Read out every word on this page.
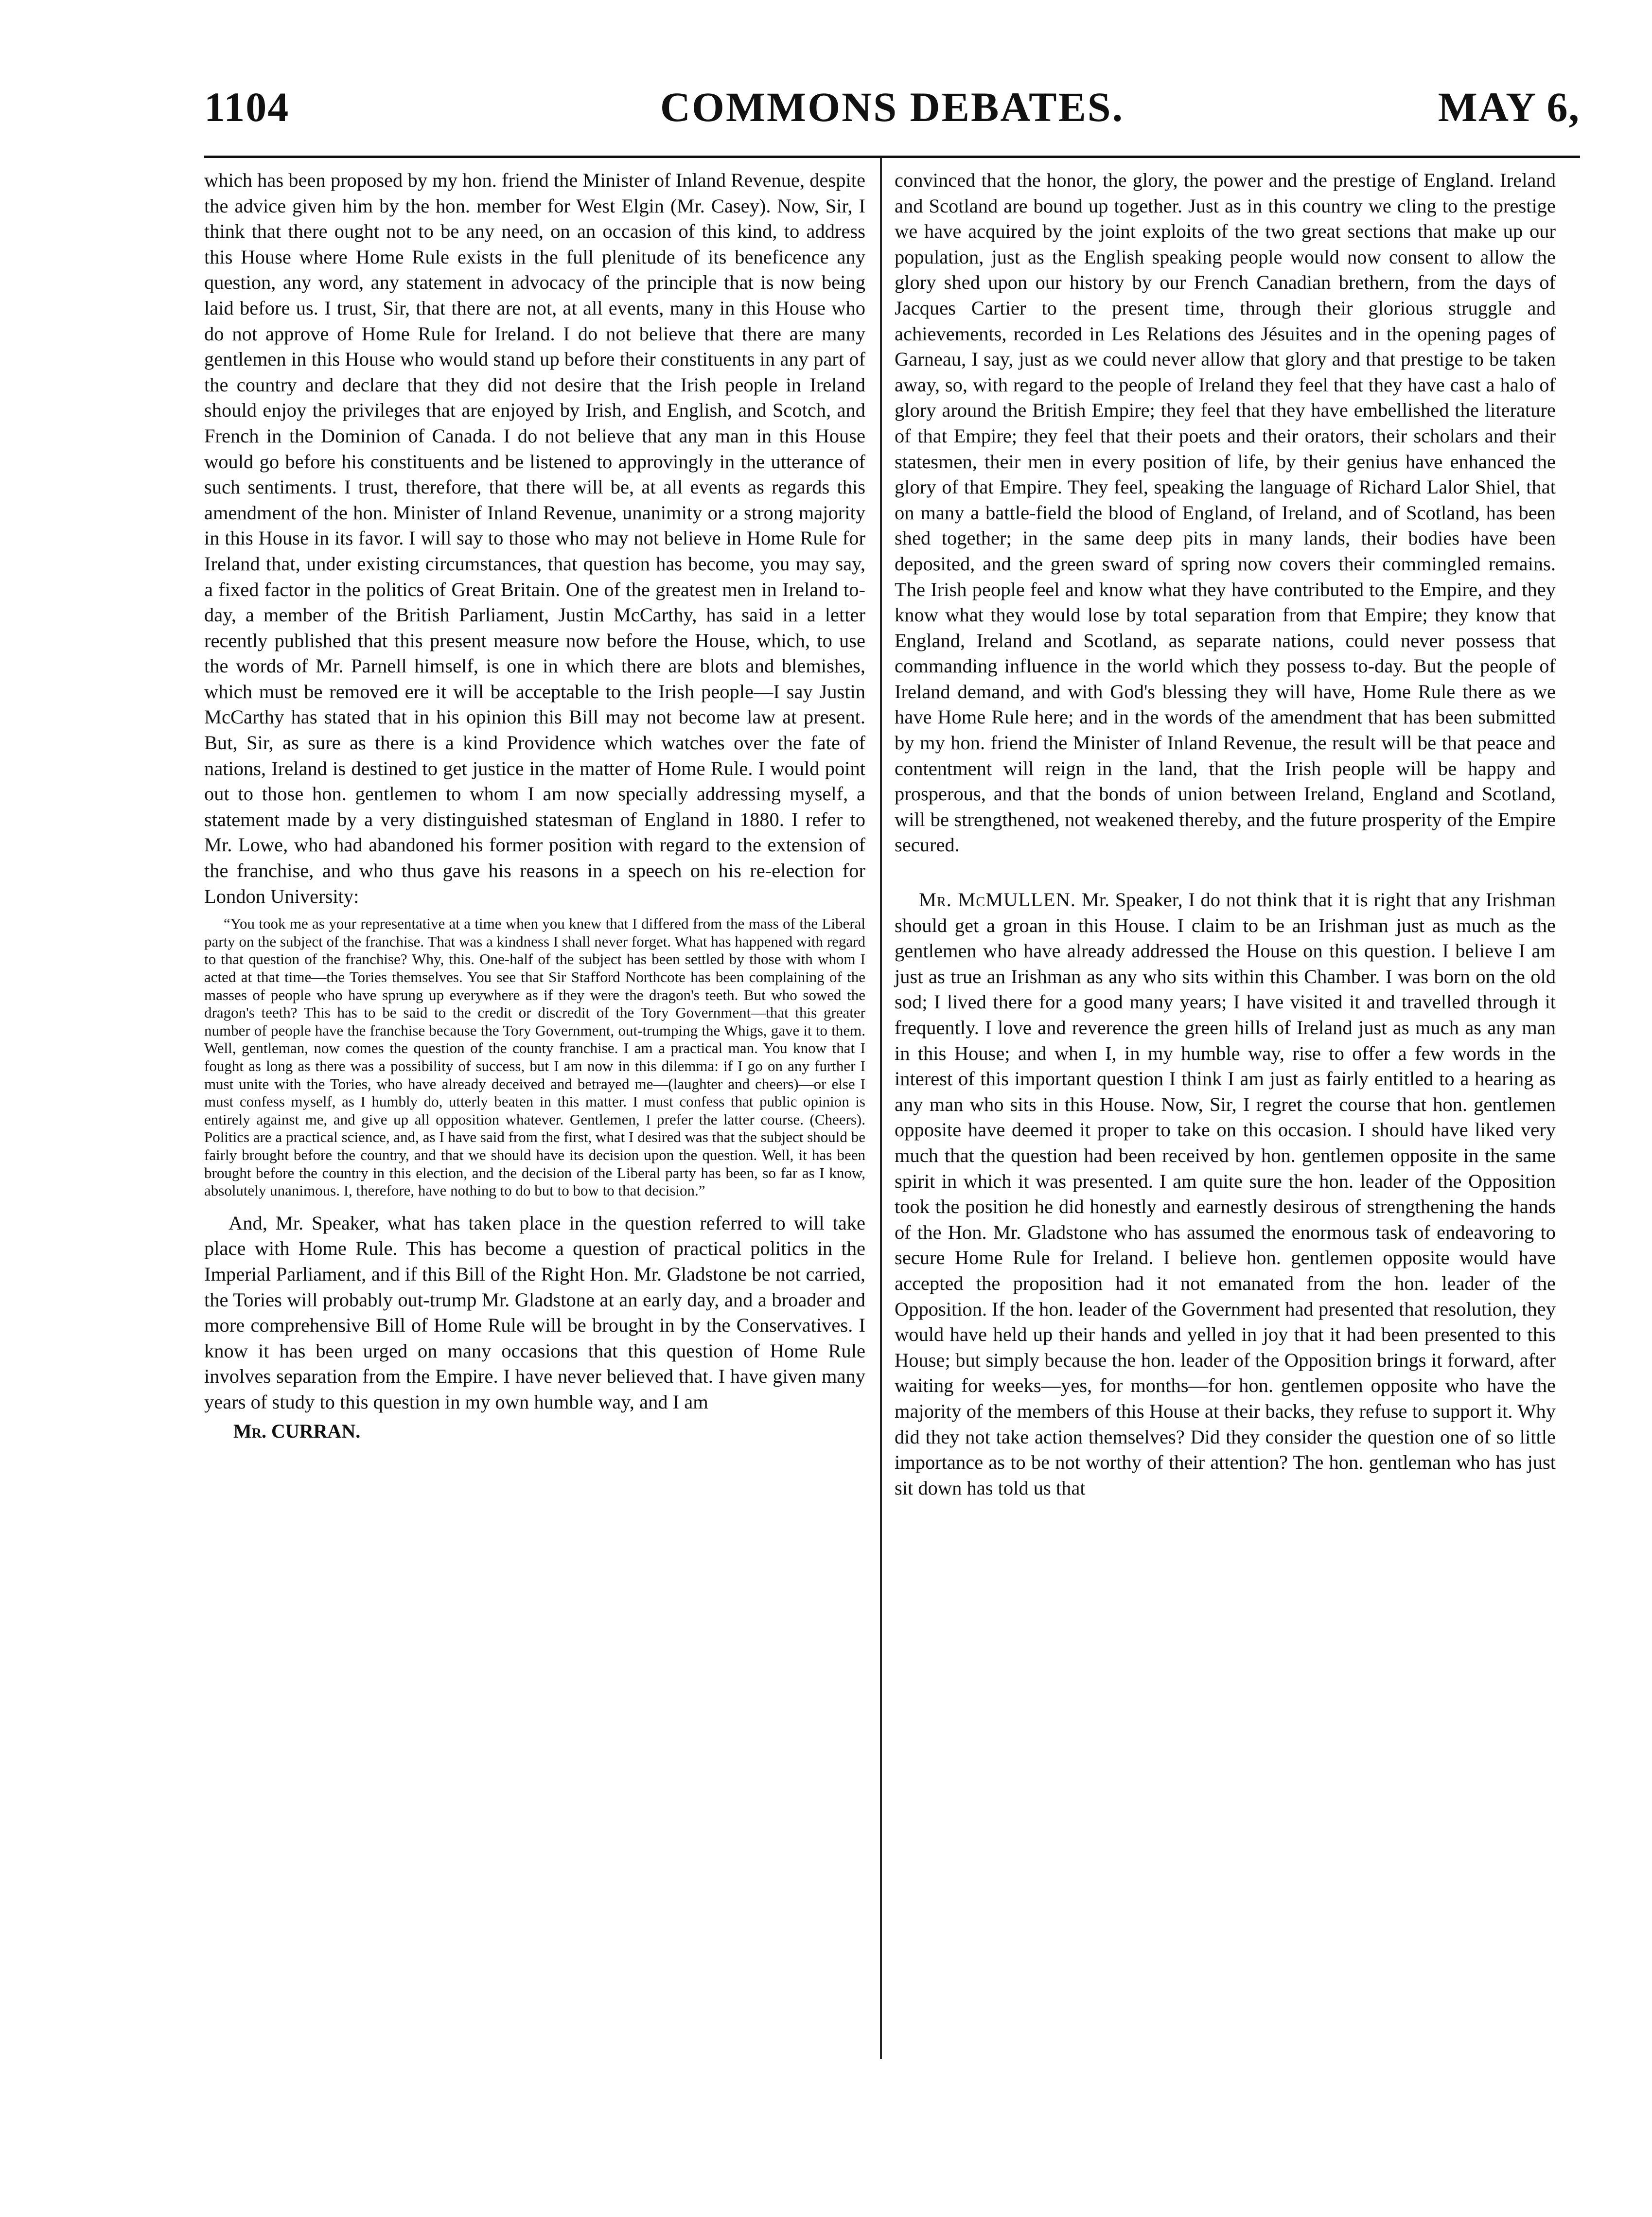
1104	COMMONS DEBATES.	MAY 6,

which has been proposed by my hon. friend the Minister of Inland Revenue, despite the advice given him by the hon. member for West Elgin (Mr. Casey). Now, Sir, I think that there ought not to be any need, on an occasion of this kind, to address this House where Home Rule exists in the full plenitude of its beneficence any question, any word, any statement in advocacy of the principle that is now being laid before us. I trust, Sir, that there are not, at all events, many in this House who do not approve of Home Rule for Ireland. I do not believe that there are many gentlemen in this House who would stand up before their constituents in any part of the country and declare that they did not desire that the Irish people in Ireland should enjoy the privileges that are enjoyed by Irish, and English, and Scotch, and French in the Dominion of Canada. I do not believe that any man in this House would go before his constituents and be listened to approvingly in the utterance of such sentiments. I trust, therefore, that there will be, at all events as regards this amendment of the hon. Minister of Inland Revenue, unanimity or a strong majority in this House in its favor. I will say to those who may not believe in Home Rule for Ireland that, under existing circumstances, that question has become, you may say, a fixed factor in the politics of Great Britain. One of the greatest men in Ireland to-day, a member of the British Parliament, Justin McCarthy, has said in a letter recently published that this present measure now before the House, which, to use the words of Mr. Parnell himself, is one in which there are blots and blemishes, which must be removed ere it will be acceptable to the Irish people—I say Justin McCarthy has stated that in his opinion this Bill may not become law at present. But, Sir, as sure as there is a kind Providence which watches over the fate of nations, Ireland is destined to get justice in the matter of Home Rule. I would point out to those hon. gentlemen to whom I am now specially addressing myself, a statement made by a very distinguished statesman of England in 1880. I refer to Mr. Lowe, who had abandoned his former position with regard to the extension of the franchise, and who thus gave his reasons in a speech on his re-election for London University:

“You took me as your representative at a time when you knew that I differed from the mass of the Liberal party on the subject of the franchise. That was a kindness I shall never forget. What has happened with regard to that question of the franchise? Why, this. One-half of the subject has been settled by those with whom I acted at that time—the Tories themselves. You see that Sir Stafford Northcote has been complaining of the masses of people who have sprung up everywhere as if they were the dragon's teeth. But who sowed the dragon's teeth? This has to be said to the credit or discredit of the Tory Government—that this greater number of people have the franchise because the Tory Government, out-trumping the Whigs, gave it to them. Well, gentleman, now comes the question of the county franchise. I am a practical man. You know that I fought as long as there was a possibility of success, but I am now in this dilemma: if I go on any further I must unite with the Tories, who have already deceived and betrayed me—(laughter and cheers)—or else I must confess myself, as I humbly do, utterly beaten in this matter. I must confess that public opinion is entirely against me, and give up all opposition whatever. Gentlemen, I prefer the latter course. (Cheers). Politics are a practical science, and, as I have said from the first, what I desired was that the subject should be fairly brought before the country, and that we should have its decision upon the question. Well, it has been brought before the country in this election, and the decision of the Liberal party has been, so far as I know, absolutely unanimous. I, therefore, have nothing to do but to bow to that decision.”

And, Mr. Speaker, what has taken place in the question referred to will take place with Home Rule. This has become a question of practical politics in the Imperial Parliament, and if this Bill of the Right Hon. Mr. Gladstone be not carried, the Tories will probably out-trump Mr. Gladstone at an early day, and a broader and more comprehensive Bill of Home Rule will be brought in by the Conservatives. I know it has been urged on many occasions that this question of Home Rule involves separation from the Empire. I have never believed that. I have given many years of study to this question in my own humble way, and I am

Mr. CURRAN.

convinced that the honor, the glory, the power and the prestige of England. Ireland and Scotland are bound up together. Just as in this country we cling to the prestige we have acquired by the joint exploits of the two great sections that make up our population, just as the English speaking people would now consent to allow the glory shed upon our history by our French Canadian brethern, from the days of Jacques Cartier to the present time, through their glorious struggle and achievements, recorded in Les Relations des Jésuites and in the opening pages of Garneau, I say, just as we could never allow that glory and that prestige to be taken away, so, with regard to the people of Ireland they feel that they have cast a halo of glory around the British Empire; they feel that they have embellished the literature of that Empire; they feel that their poets and their orators, their scholars and their statesmen, their men in every position of life, by their genius have enhanced the glory of that Empire. They feel, speaking the language of Richard Lalor Shiel, that on many a battle-field the blood of England, of Ireland, and of Scotland, has been shed together; in the same deep pits in many lands, their bodies have been deposited, and the green sward of spring now covers their commingled remains. The Irish people feel and know what they have contributed to the Empire, and they know what they would lose by total separation from that Empire; they know that England, Ireland and Scotland, as separate nations, could never possess that commanding influence in the world which they possess to-day. But the people of Ireland demand, and with God's blessing they will have, Home Rule there as we have Home Rule here; and in the words of the amendment that has been submitted by my hon. friend the Minister of Inland Revenue, the result will be that peace and contentment will reign in the land, that the Irish people will be happy and prosperous, and that the bonds of union between Ireland, England and Scotland, will be strengthened, not weakened thereby, and the future prosperity of the Empire secured.

Mr. McMULLEN. Mr. Speaker, I do not think that it is right that any Irishman should get a groan in this House. I claim to be an Irishman just as much as the gentlemen who have already addressed the House on this question. I believe I am just as true an Irishman as any who sits within this Chamber. I was born on the old sod; I lived there for a good many years; I have visited it and travelled through it frequently. I love and reverence the green hills of Ireland just as much as any man in this House; and when I, in my humble way, rise to offer a few words in the interest of this important question I think I am just as fairly entitled to a hearing as any man who sits in this House. Now, Sir, I regret the course that hon. gentlemen opposite have deemed it proper to take on this occasion. I should have liked very much that the question had been received by hon. gentlemen opposite in the same spirit in which it was presented. I am quite sure the hon. leader of the Opposition took the position he did honestly and earnestly desirous of strengthening the hands of the Hon. Mr. Gladstone who has assumed the enormous task of endeavoring to secure Home Rule for Ireland. I believe hon. gentlemen opposite would have accepted the proposition had it not emanated from the hon. leader of the Opposition. If the hon. leader of the Government had presented that resolution, they would have held up their hands and yelled in joy that it had been presented to this House; but simply because the hon. leader of the Opposition brings it forward, after waiting for weeks—yes, for months—for hon. gentlemen opposite who have the majority of the members of this House at their backs, they refuse to support it. Why did they not take action themselves? Did they consider the question one of so little importance as to be not worthy of their attention? The hon. gentleman who has just sit down has told us that
